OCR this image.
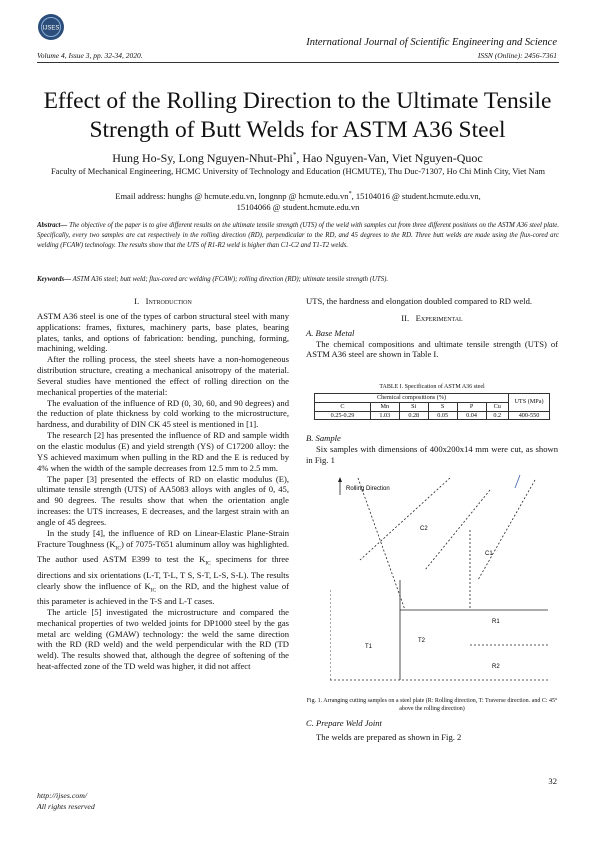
IJSES
International Journal of Scientific Engineering and Science
Volume 4, Issue 3, pp. 32-34, 2020.	ISSN (Online): 2456-7361
Effect of the Rolling Direction to the Ultimate Tensile Strength of Butt Welds for ASTM A36 Steel
Hung Ho-Sy, Long Nguyen-Nhut-Phi*, Hao Nguyen-Van, Viet Nguyen-Quoc
Faculty of Mechanical Engineering, HCMC University of Technology and Education (HCMUTE), Thu Duc-71307, Ho Chi Minh City, Viet Nam
Email address: hunghs @ hcmute.edu.vn, longnnp @ hcmute.edu.vn*, 15104016 @ student.hcmute.edu.vn,
15104066 @ student.hcmute.edu.vn
Abstract— The objective of the paper is to give different results on the ultimate tensile strength (UTS) of the weld with samples cut from three different positions on the ASTM A36 steel plate. Specifically, every two samples are cut respectively in the rolling direction (RD), perpendicular to the RD, and 45 degrees to the RD. Three butt welds are made using the flux-cored arc welding (FCAW) technology. The results show that the UTS of R1-R2 weld is higher than C1-C2 and T1-T2 welds.
Keywords— ASTM A36 steel; butt weld; flux-cored arc welding (FCAW); rolling direction (RD); ultimate tensile strength (UTS).
I. Introduction

ASTM A36 steel is one of the types of carbon structural steel with many applications: frames, fixtures, machinery parts, base plates, bearing plates, tanks, and options of fabrication: bending, punching, forming, machining, welding.

After the rolling process, the steel sheets have a non-homogeneous distribution structure, creating a mechanical anisotropy of the material. Several studies have mentioned the effect of rolling direction on the mechanical properties of the material:

The evaluation of the influence of RD (0, 30, 60, and 90 degrees) and the reduction of plate thickness by cold working to the microstructure, hardness, and durability of DIN CK 45 steel is mentioned in [1].

The research [2] has presented the influence of RD and sample width on the elastic modulus (E) and yield strength (YS) of C17200 alloy: the YS achieved maximum when pulling in the RD and the E is reduced by 4% when the width of the sample decreases from 12.5 mm to 2.5 mm.

The paper [3] presented the effects of RD on elastic modulus (E), ultimate tensile strength (UTS) of AA5083 alloys with angles of 0, 45, and 90 degrees. The results show that when the orientation angle increases: the UTS increases, E decreases, and the largest strain with an angle of 45 degrees.

In the study [4], the influence of RD on Linear-Elastic Plane-Strain Fracture Toughness $(K_{IC})$ of 7075-T651 aluminum alloy was highlighted. The author used ASTM E399 to test the $K_{IC}$ specimens for three directions and six orientations (L-T, T-L, T S, S-T, L-S, S-L). The results clearly show the influence of $K_{IC}$ on the RD, and the highest value of this parameter is achieved in the T-S and L-T cases.

The article [5] investigated the microstructure and compared the mechanical properties of two welded joints for DP1000 steel by the gas metal arc welding (GMAW) technology: the weld the same direction with the RD (RD weld) and the weld perpendicular with the RD (TD weld). The results showed that, although the degree of softening of the heat-affected zone of the TD weld was higher, it did not affect

UTS, the hardness and elongation doubled compared to RD weld.

II. Experimental
A. Base Metal

The chemical compositions and ultimate tensile strength (UTS) of ASTM A36 steel are shown in Table I.

TABLE I. Specification of ASTM A36 steel
Chemical compositions (%)						UTS (MPa)
C	Mn	Si	S	P	Cu	
0.25-0.29	1.03	0.28	0.05	0.04	0.2	400-550
B. Sample

Six samples with dimensions of 400x200x14 mm were cut, as shown in Fig. 1

Rolling Direction
C2
C1
R1
R2
T2
T1
Fig. 1. Arranging cutting samples on a steel plate (R: Rolling direction, T: Traverse direction. and C: 45° above the rolling direction)
C. Prepare Weld Joint

The welds are prepared as shown in Fig. 2

32
http://ijses.com/
All rights reserved
